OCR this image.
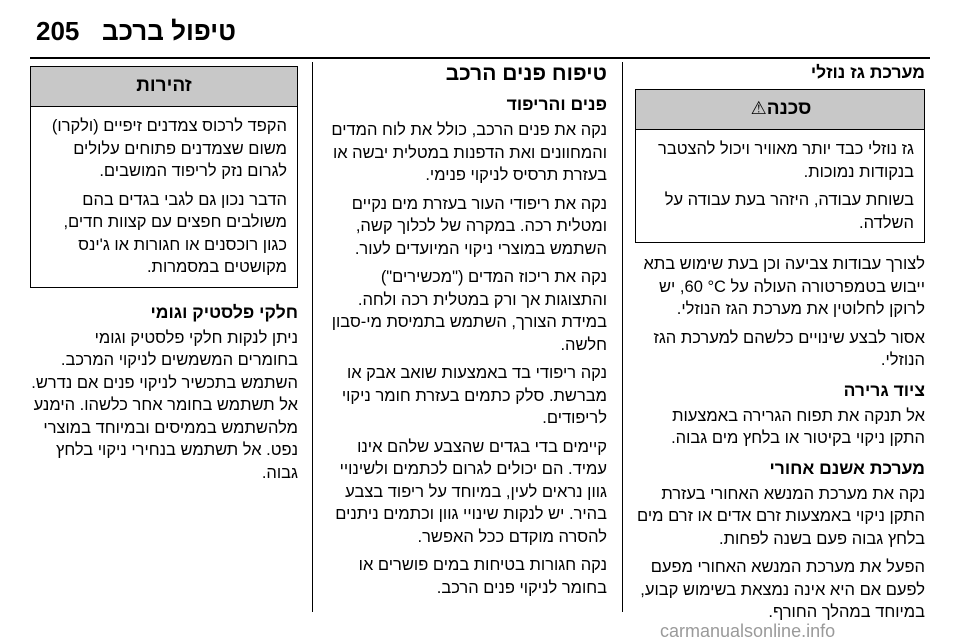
205 טיפול ברכב
מערכת גז נוזלי
סכנה⚠

גז נוזלי כבד יותר מאוויר ויכול להצטבר בנקודות נמוכות.

בשוחת עבודה, היזהר בעת עבודה על השלדה.

לצורך עבודות צביעה וכן בעת שימוש בתא ייבוש בטמפרטורה העולה על ‎60 °C‎, יש לרוקן לחלוטין את מערכת הגז הנוזלי.

אסור לבצע שינויים כלשהם למערכת הגז הנוזלי.

ציוד גרירה

אל תנקה את תפוח הגרירה באמצעות התקן ניקוי בקיטור או בלחץ מים גבוה.

מערכת אשנם אחורי

נקה את מערכת המנשא האחורי בעזרת התקן ניקוי באמצעות זרם אדים או זרם מים בלחץ גבוה פעם בשנה לפחות.

הפעל את מערכת המנשא האחורי מפעם לפעם אם היא אינה נמצאת בשימוש קבוע, במיוחד במהלך החורף.

טיפוח פנים הרכב
פנים והריפוד

נקה את פנים הרכב, כולל את לוח המדים והמחוונים ואת הדפנות במטלית יבשה או בעזרת תרסיס לניקוי פנימי.

נקה את ריפודי העור בעזרת מים נקיים ומטלית רכה. במקרה של לכלוך קשה, השתמש במוצרי ניקוי המיועדים לעור.

נקה את ריכוז המדים ("מכשירים") והתצוגות אך ורק במטלית רכה ולחה. במידת הצורך, השתמש בתמיסת מי-סבון חלשה.

נקה ריפודי בד באמצעות שואב אבק או מברשת. סלק כתמים בעזרת חומר ניקוי לריפודים.

קיימים בדי בגדים שהצבע שלהם אינו עמיד. הם יכולים לגרום לכתמים ולשינויי גוון נראים לעין, במיוחד על ריפוד בצבע בהיר. יש לנקות שינויי גוון וכתמים ניתנים להסרה מוקדם ככל האפשר.

נקה חגורות בטיחות במים פושרים או בחומר לניקוי פנים הרכב.

זהירות

הקפד לרכוס צמדנים זיפיים (ולקרו) משום שצמדנים פתוחים עלולים לגרום נזק לריפוד המושבים.

הדבר נכון גם לגבי בגדים בהם משולבים חפצים עם קצוות חדים, כגון רוכסנים או חגורות או ג'ינס מקושטים במסמרות.

חלקי פלסטיק וגומי

ניתן לנקות חלקי פלסטיק וגומי בחומרים המשמשים לניקוי המרכב. השתמש בתכשיר לניקוי פנים אם נדרש. אל תשתמש בחומר אחר כלשהו. הימנע מלהשתמש בממיסים ובמיוחד במוצרי נפט. אל תשתמש בנחירי ניקוי בלחץ גבוה.

carmanualsonline.info
